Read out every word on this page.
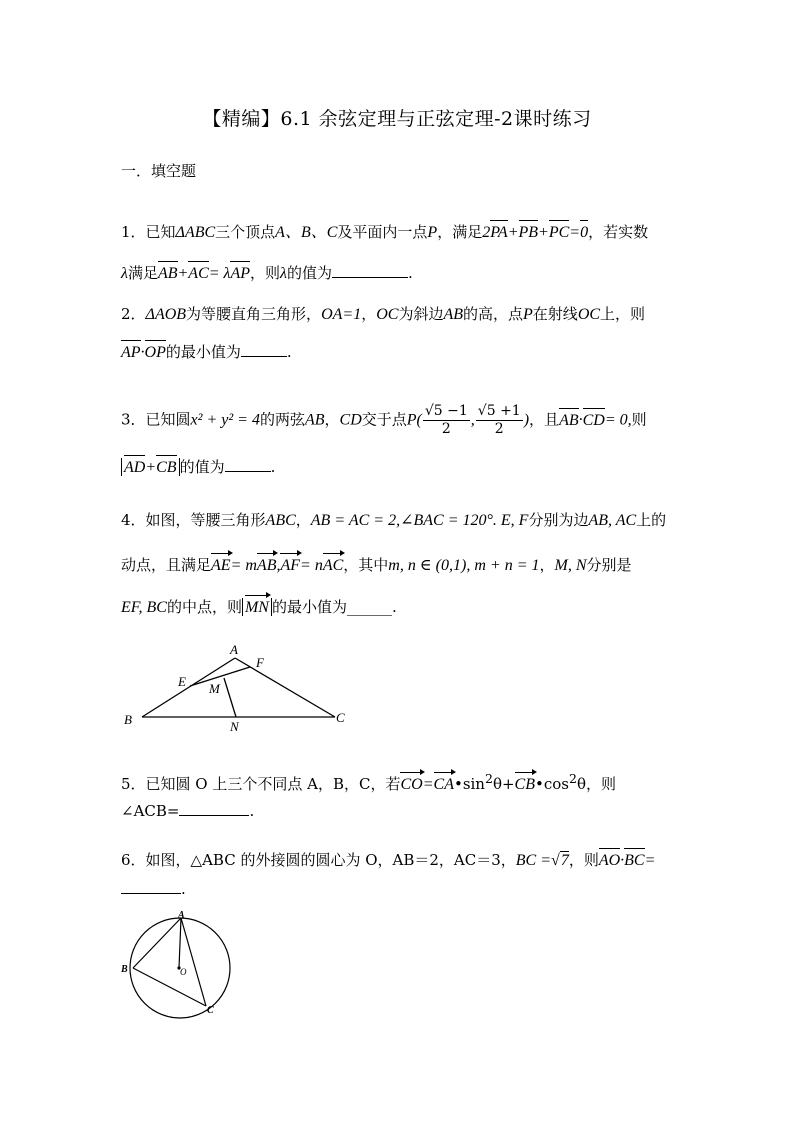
【精编】6.1 余弦定理与正弦定理-2课时练习
一．填空题
1．已知ΔABC三个顶点A、B、C及平面内一点P，满足2PA+PB+PC=0，若实数
λ满足AB+AC= λAP，则λ的值为	.
2．ΔAOB为等腰直角三角形，OA=1，OC为斜边AB的高，点P在射线OC上，则
AP·OP的最小值为	.
3．已知圆x² + y² = 4的两弦AB，CD交于点$P( \frac{√5 -1}{2}$ , $\frac{√5 +1}{2}$ )，且AB·CD= 0,则
AD+CB 的值为	.
4．如图，等腰三角形ABC，AB = AC = 2,∠BAC = 120°. E, F分别为边AB, AC上的
动点，且满足AE= mAB,AF= nAC，其中m, n ∈ (0,1), m + n = 1，M, N分别是
EF, BC的中点，则 MN 的最小值为______.
A
B	C
E
F
M
N
5．已知圆 O 上三个不同点 A，B，C，若$CO=CA•\sin^2\theta+CB•\cos^2\theta$，则
∠ACB=	.
6．如图，△ABC 的外接圆的圆心为 O，AB＝2，AC＝3，BC =√7，则AO·BC=
.
A
B
C
O
